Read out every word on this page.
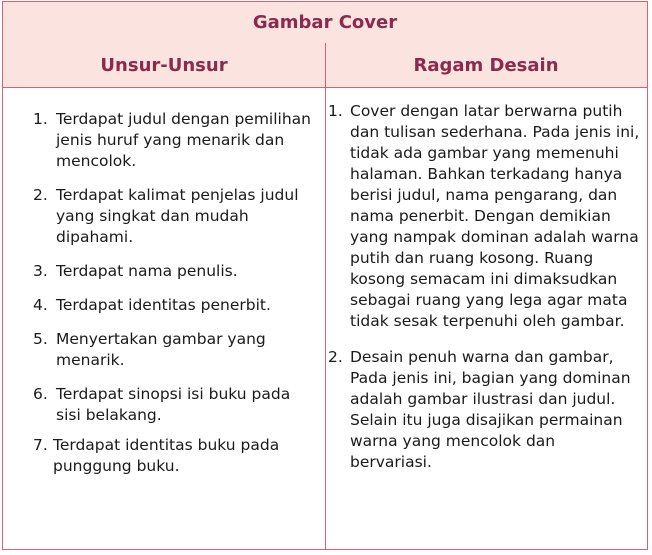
Gambar Cover
Unsur-Unsur	Ragam Desain
1. Terdapat judul dengan pemilihan jenis huruf yang menarik dan mencolok.
2. Terdapat kalimat penjelas judul yang singkat dan mudah dipahami.
3. Terdapat nama penulis.
4. Terdapat identitas penerbit.
5. Menyertakan gambar yang menarik.
6. Terdapat sinopsi isi buku pada sisi belakang.
7. Terdapat identitas buku pada punggung buku.
1. Cover dengan latar berwarna putih dan tulisan sederhana. Pada jenis ini, tidak ada gambar yang memenuhi halaman. Bahkan terkadang hanya berisi judul, nama pengarang, dan nama penerbit. Dengan demikian yang nampak dominan adalah warna putih dan ruang kosong. Ruang kosong semacam ini dimaksudkan sebagai ruang yang lega agar mata tidak sesak terpenuhi oleh gambar.
2. Desain penuh warna dan gambar, Pada jenis ini, bagian yang dominan adalah gambar ilustrasi dan judul. Selain itu juga disajikan permainan warna yang mencolok dan bervariasi.
